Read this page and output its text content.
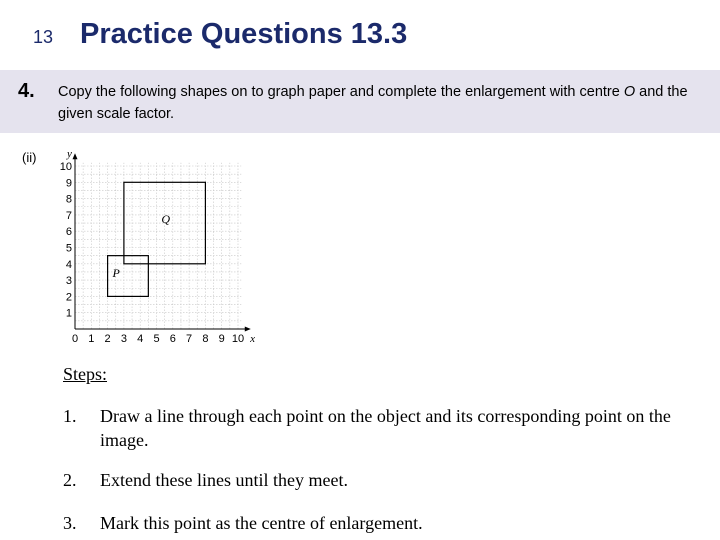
13 Practice Questions 13.3
4. Copy the following shapes on to graph paper and complete the enlargement with centre O and the given scale factor.
(ii)
0 1 2 3 4 5 6 7 8 9 10
1
2
3
4
5
6
7
8
9
10
x
y
P
Q
Steps:
1. Draw a line through each point on the object and its corresponding point on the image.
2. Extend these lines until they meet.
3. Mark this point as the centre of enlargement.
